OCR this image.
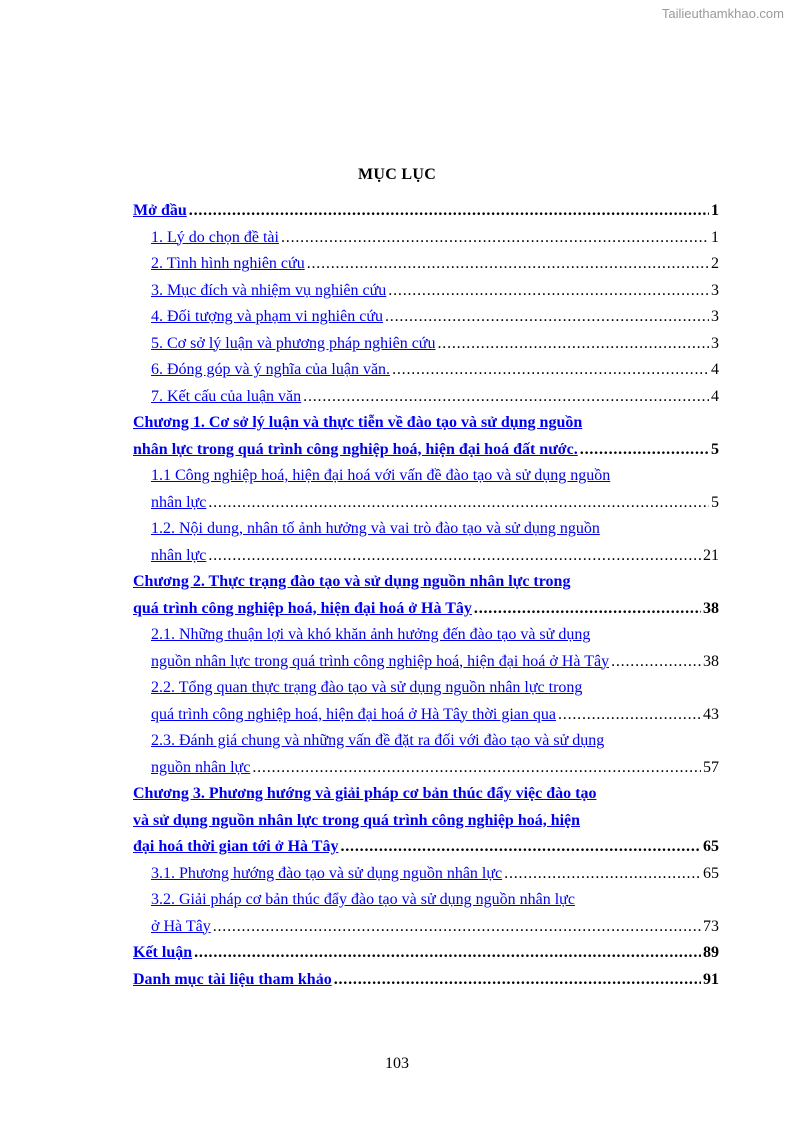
Tailieuthamkhao.com
MỤC LỤC
Mở đầu . . .	1
1. Lý do chọn đề tài . . .	1
2. Tình hình nghiên cứu . . .	2
3. Mục đích và nhiệm vụ nghiên cứu . . .	3
4. Đối tượng và phạm vi nghiên cứu . . .	3
5. Cơ sở lý luận và phương pháp nghiên cứu . . .	3
6. Đóng góp và ý nghĩa của luận văn. . . .	4
7. Kết cấu của luận văn . . .	4
Chương 1. Cơ sở lý luận và thực tiễn về đào tạo và sử dụng nguồn
nhân lực trong quá trình công nghiệp hoá, hiện đại hoá đất nước. . . .	5
1.1 Công nghiệp hoá, hiện đại hoá với vấn đề đào tạo và sử dụng nguồn
nhân lực . . .	5
1.2. Nội dung, nhân tố ảnh hưởng và vai trò đào tạo và sử dụng nguồn
nhân lực . . .	21
Chương 2. Thực trạng đào tạo và sử dụng nguồn nhân lực trong
quá trình công nghiệp hoá, hiện đại hoá ở Hà Tây . . .	38
2.1. Những thuận lợi và khó khăn ảnh hưởng đến đào tạo và sử dụng
nguồn nhân lực trong quá trình công nghiệp hoá, hiện đại hoá ở Hà Tây . . .	38
2.2. Tổng quan thực trạng đào tạo và sử dụng nguồn nhân lực trong
quá trình công nghiệp hoá, hiện đại hoá ở Hà Tây thời gian qua . . .	43
2.3. Đánh giá chung và những vấn đề đặt ra đối với đào tạo và sử dụng
nguồn nhân lực . . .	57
Chương 3. Phương hướng và giải pháp cơ bản thúc đẩy việc đào tạo
và sử dụng nguồn nhân lực trong quá trình công nghiệp hoá, hiện
đại hoá thời gian tới ở Hà Tây . . .	65
3.1. Phương hướng đào tạo và sử dụng nguồn nhân lực . . .	65
3.2. Giải pháp cơ bản thúc đẩy đào tạo và sử dụng nguồn nhân lực
ở Hà Tây . . .	73
Kết luận . . .	89
Danh mục tài liệu tham khảo . . .	91
103
